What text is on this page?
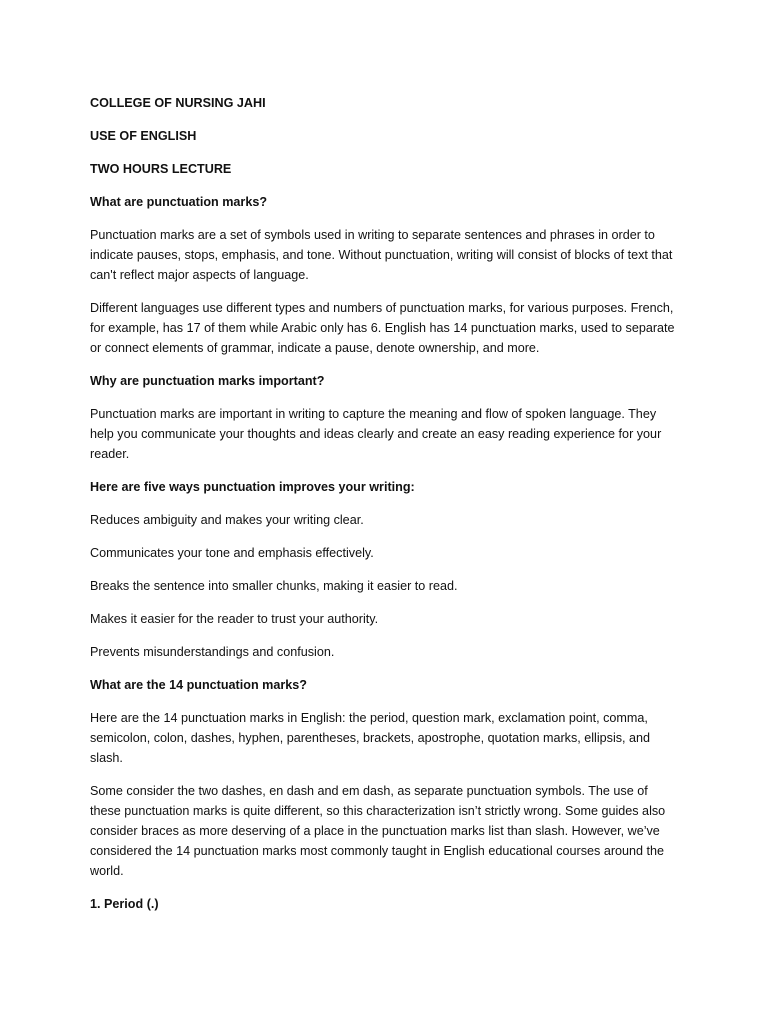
COLLEGE OF NURSING JAHI

USE OF ENGLISH

TWO HOURS LECTURE

What are punctuation marks?

Punctuation marks are a set of symbols used in writing to separate sentences and phrases in order to indicate pauses, stops, emphasis, and tone. Without punctuation, writing will consist of blocks of text that can't reflect major aspects of language.

Different languages use different types and numbers of punctuation marks, for various purposes. French, for example, has 17 of them while Arabic only has 6. English has 14 punctuation marks, used to separate or connect elements of grammar, indicate a pause, denote ownership, and more.

Why are punctuation marks important?

Punctuation marks are important in writing to capture the meaning and flow of spoken language. They help you communicate your thoughts and ideas clearly and create an easy reading experience for your reader.

Here are five ways punctuation improves your writing:

Reduces ambiguity and makes your writing clear.

Communicates your tone and emphasis effectively.

Breaks the sentence into smaller chunks, making it easier to read.

Makes it easier for the reader to trust your authority.

Prevents misunderstandings and confusion.

What are the 14 punctuation marks?

Here are the 14 punctuation marks in English: the period, question mark, exclamation point, comma, semicolon, colon, dashes, hyphen, parentheses, brackets, apostrophe, quotation marks, ellipsis, and slash.

Some consider the two dashes, en dash and em dash, as separate punctuation symbols. The use of these punctuation marks is quite different, so this characterization isn’t strictly wrong. Some guides also consider braces as more deserving of a place in the punctuation marks list than slash. However, we’ve considered the 14 punctuation marks most commonly taught in English educational courses around the world.

1. Period (.)
